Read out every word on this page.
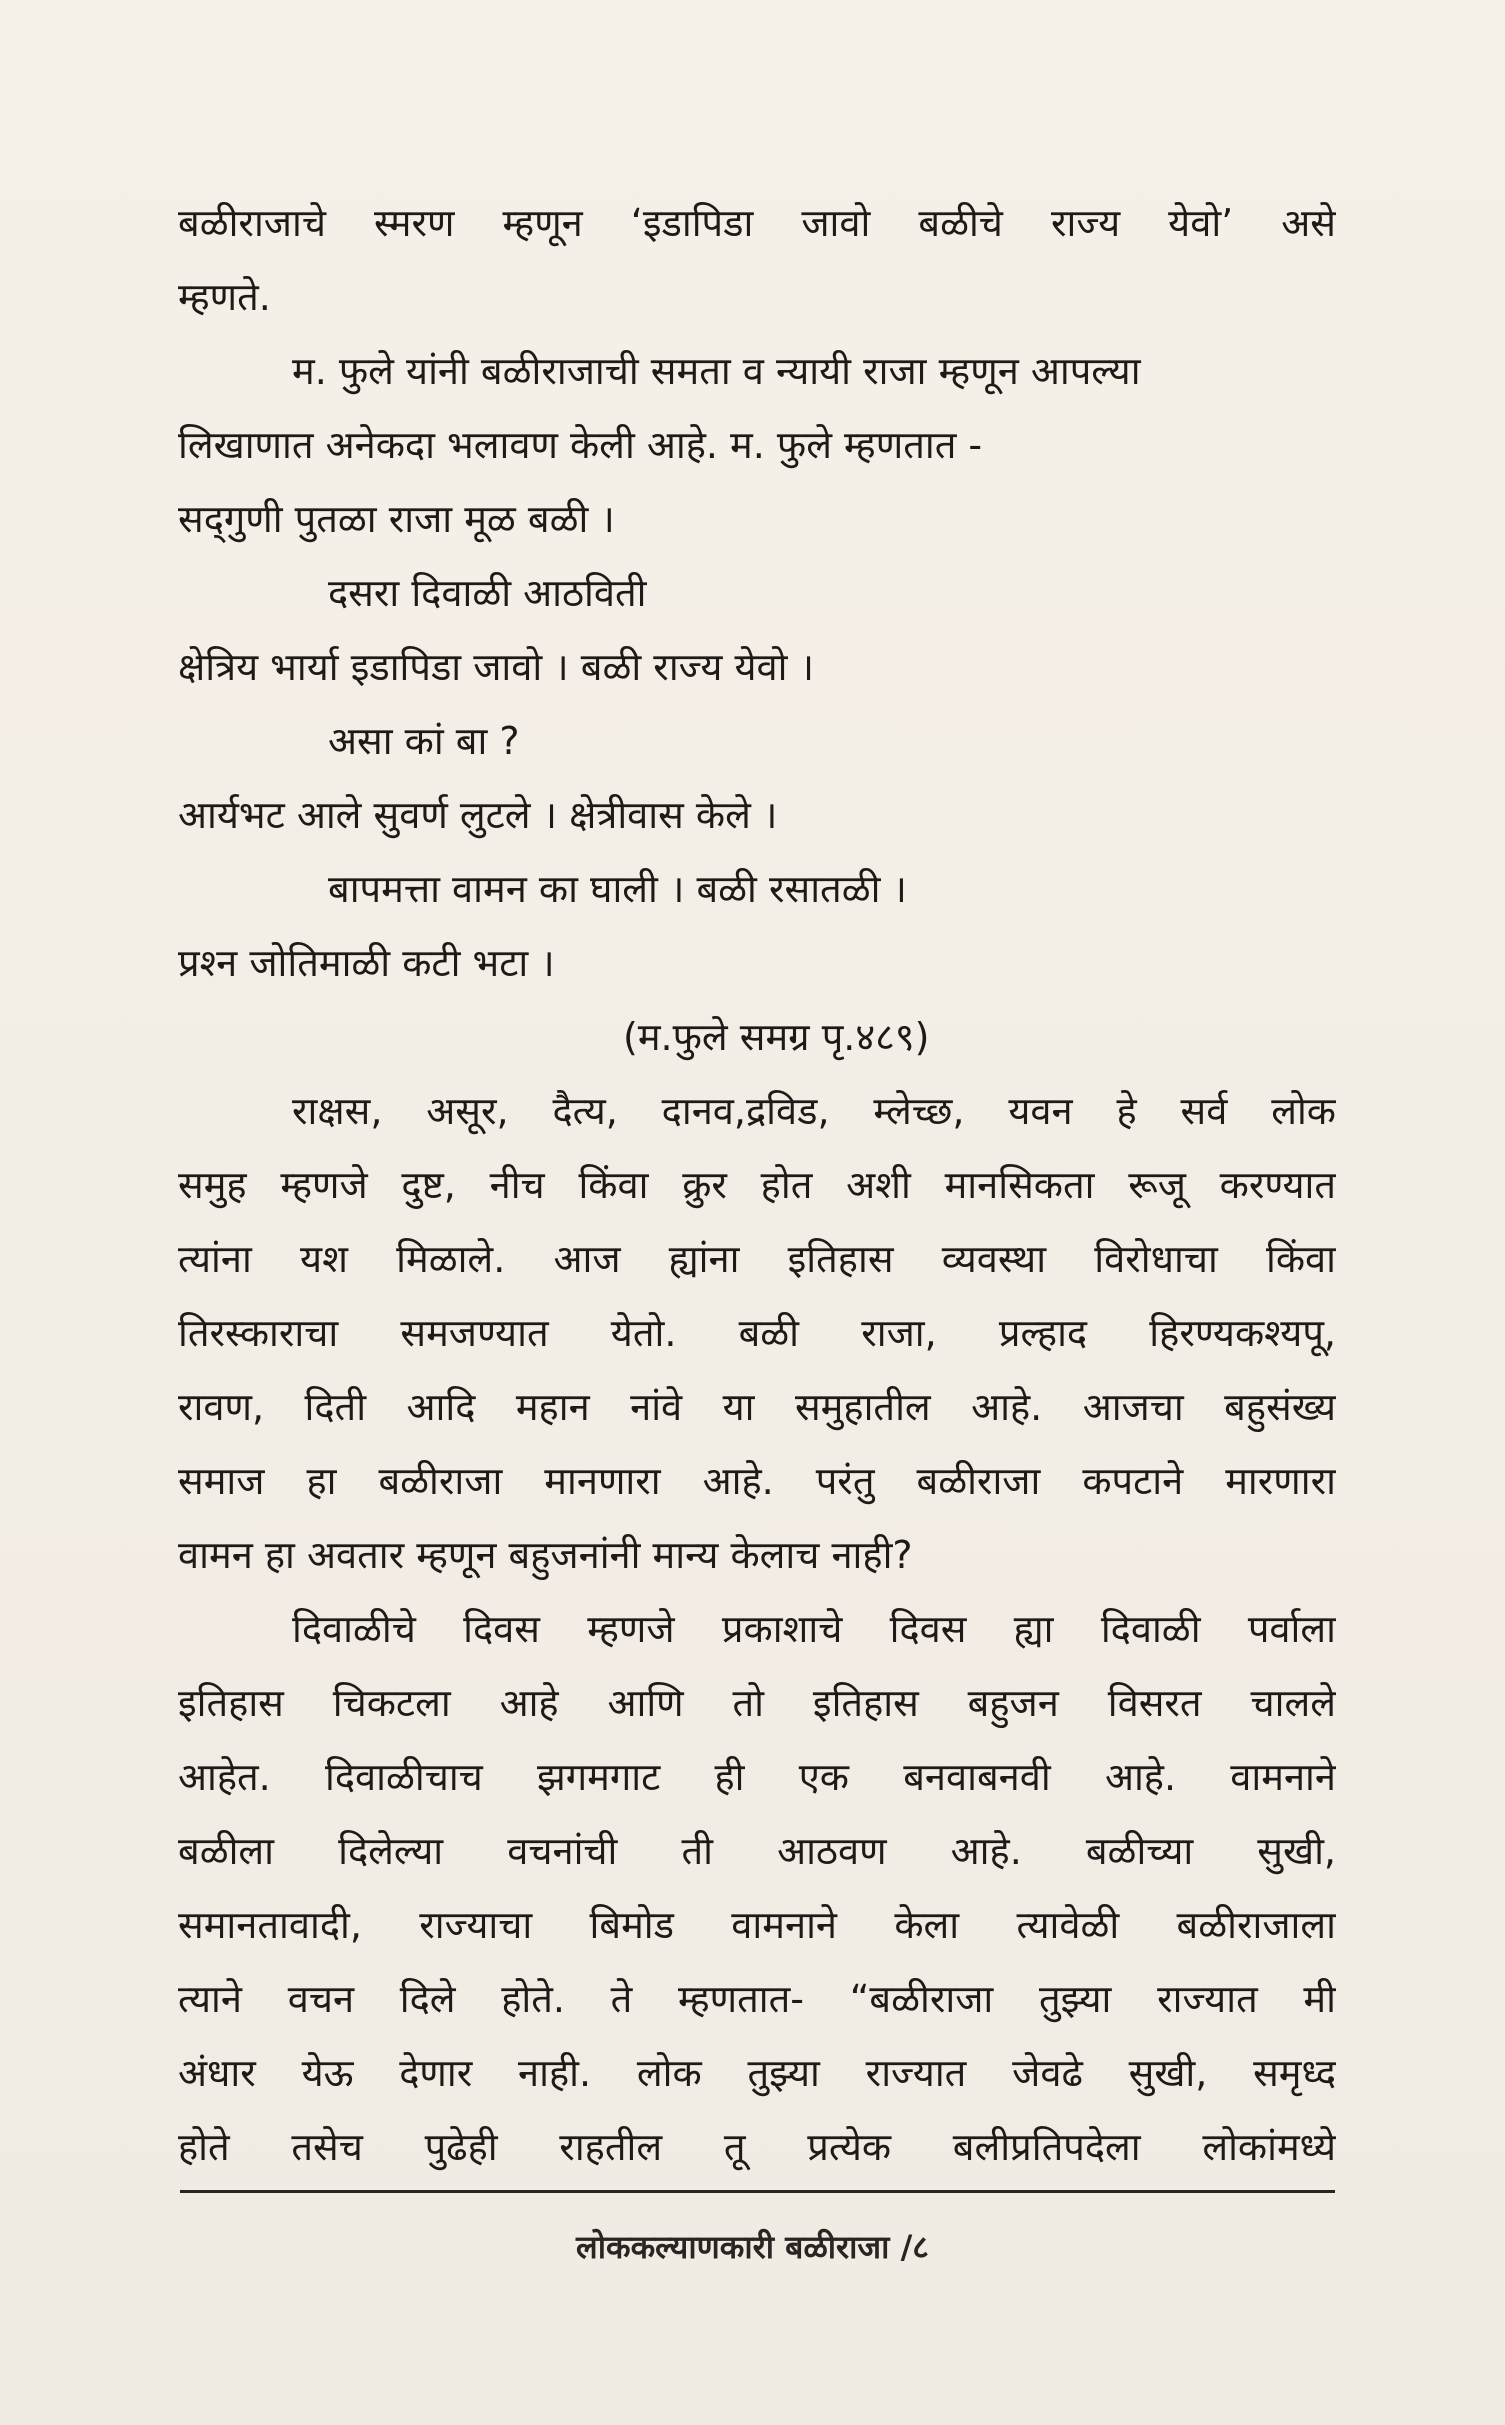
बळीराजाचे स्मरण म्हणून ‘इडापिडा जावो बळीचे राज्य येवो’ असे
म्हणते.
म. फुले यांनी बळीराजाची समता व न्यायी राजा म्हणून आपल्या
लिखाणात अनेकदा भलावण केली आहे. म. फुले म्हणतात -
सद्‌गुणी पुतळा राजा मूळ बळी ।
दसरा दिवाळी आठविती
क्षेत्रिय भार्या इडापिडा जावो । बळी राज्य येवो ।
असा कां बा ?
आर्यभट आले सुवर्ण लुटले । क्षेत्रीवास केले ।
बापमत्ता वामन का घाली । बळी रसातळी ।
प्रश्‍न जोतिमाळी कटी भटा ।
(म.फुले समग्र पृ.४८९)
राक्षस, असूर, दैत्य, दानव,द्रविड, म्लेच्छ, यवन हे सर्व लोक
समुह म्हणजे दुष्ट, नीच किंवा क्रुर होत अशी मानसिकता रूजू करण्यात
त्यांना यश मिळाले. आज ह्यांना इतिहास व्यवस्था विरोधाचा किंवा
तिरस्काराचा समजण्यात येतो. बळी राजा, प्रल्हाद हिरण्यकश्यपू,
रावण, दिती आदि महान नांवे या समुहातील आहे. आजचा बहुसंख्य
समाज हा बळीराजा मानणारा आहे. परंतु बळीराजा कपटाने मारणारा
वामन हा अवतार म्हणून बहुजनांनी मान्य केलाच नाही?
दिवाळीचे दिवस म्हणजे प्रकाशाचे दिवस ह्या दिवाळी पर्वाला
इतिहास चिकटला आहे आणि तो इतिहास बहुजन विसरत चालले
आहेत. दिवाळीचाच झगमगाट ही एक बनवाबनवी आहे. वामनाने
बळीला दिलेल्या वचनांची ती आठवण आहे. बळीच्या सुखी,
समानतावादी, राज्याचा बिमोड वामनाने केला त्यावेळी बळीराजाला
त्याने वचन दिले होते. ते म्हणतात- “बळीराजा तुझ्या राज्यात मी
अंधार येऊ देणार नाही. लोक तुझ्या राज्यात जेवढे सुखी, समृध्द
होते तसेच पुढेही राहतील तू प्रत्येक बलीप्रतिपदेला लोकांमध्ये
लोककल्याणकारी बळीराजा /८
